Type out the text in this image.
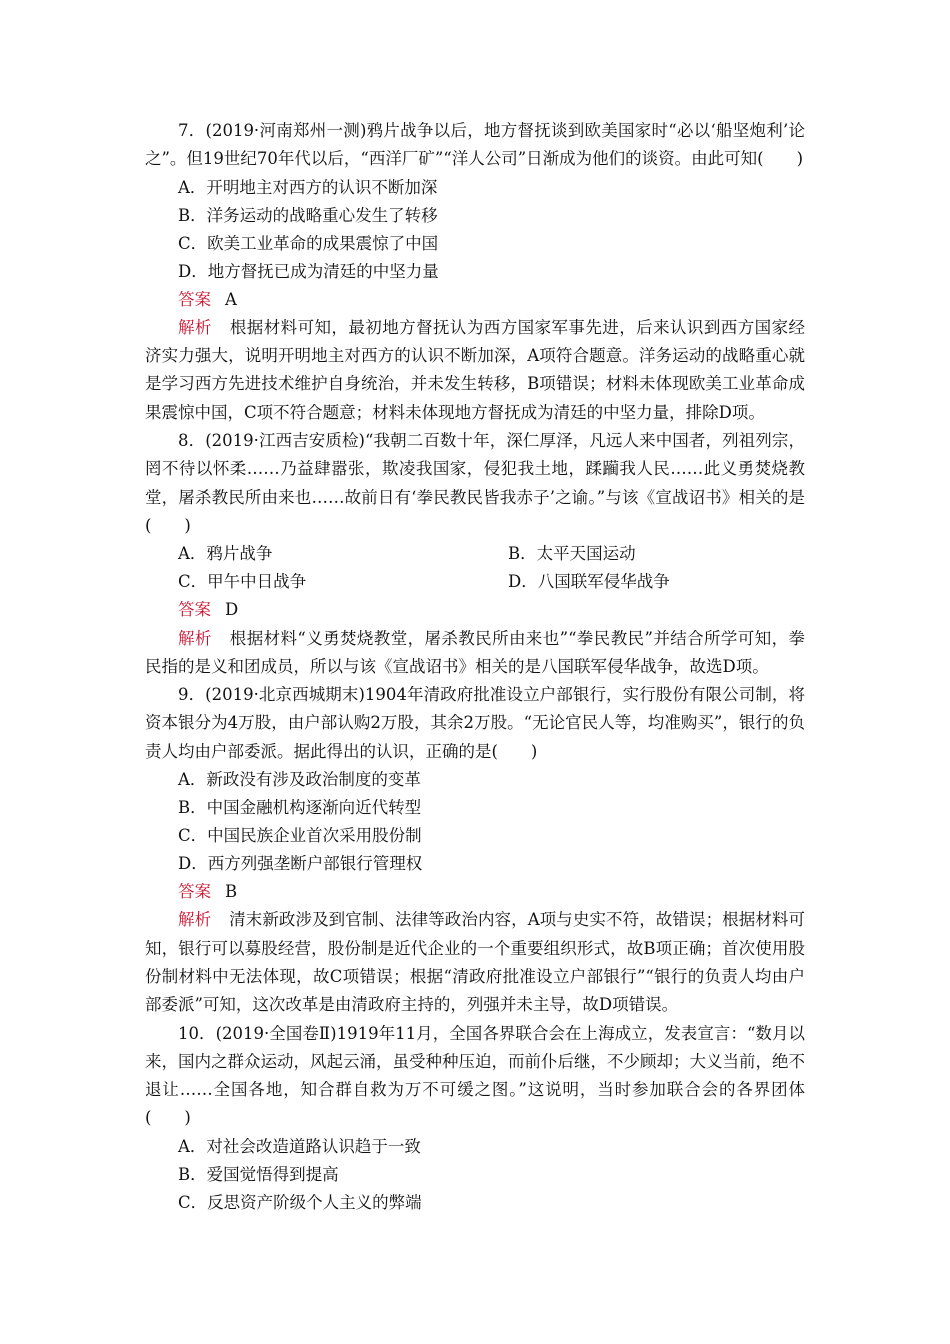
7．(2019·河南郑州一测)鸦片战争以后，地方督抚谈到欧美国家时“必以‘船坚炮利’论之”。但19世纪70年代以后，“西洋厂矿”“洋人公司”日渐成为他们的谈资。由此可知(　　)

A．开明地主对西方的认识不断加深

B．洋务运动的战略重心发生了转移

C．欧美工业革命的成果震惊了中国

D．地方督抚已成为清廷的中坚力量

答案 A

解析 根据材料可知，最初地方督抚认为西方国家军事先进，后来认识到西方国家经济实力强大，说明开明地主对西方的认识不断加深，A项符合题意。洋务运动的战略重心就是学习西方先进技术维护自身统治，并未发生转移，B项错误；材料未体现欧美工业革命成果震惊中国，C项不符合题意；材料未体现地方督抚成为清廷的中坚力量，排除D项。

8．(2019·江西吉安质检)“我朝二百数十年，深仁厚泽，凡远人来中国者，列祖列宗，罔不待以怀柔……乃益肆嚣张，欺凌我国家，侵犯我土地，蹂躏我人民……此义勇焚烧教堂，屠杀教民所由来也……故前日有‘拳民教民皆我赤子’之谕。”与该《宣战诏书》相关的是(　　)

A．鸦片战争	B．太平天国运动

C．甲午中日战争	D．八国联军侵华战争

答案 D

解析 根据材料“义勇焚烧教堂，屠杀教民所由来也”“拳民教民”并结合所学可知，拳民指的是义和团成员，所以与该《宣战诏书》相关的是八国联军侵华战争，故选D项。

9．(2019·北京西城期末)1904年清政府批准设立户部银行，实行股份有限公司制，将资本银分为4万股，由户部认购2万股，其余2万股。“无论官民人等，均准购买”，银行的负责人均由户部委派。据此得出的认识，正确的是(　　)

A．新政没有涉及政治制度的变革

B．中国金融机构逐渐向近代转型

C．中国民族企业首次采用股份制

D．西方列强垄断户部银行管理权

答案 B

解析 清末新政涉及到官制、法律等政治内容，A项与史实不符，故错误；根据材料可知，银行可以募股经营，股份制是近代企业的一个重要组织形式，故B项正确；首次使用股份制材料中无法体现，故C项错误；根据“清政府批准设立户部银行”“银行的负责人均由户部委派”可知，这次改革是由清政府主持的，列强并未主导，故D项错误。

10．(2019·全国卷Ⅱ)1919年11月，全国各界联合会在上海成立，发表宣言：“数月以来，国内之群众运动，风起云涌，虽受种种压迫，而前仆后继，不少顾却；大义当前，绝不退让……全国各地，知合群自救为万不可缓之图。”这说明，当时参加联合会的各界团体(　　)

A．对社会改造道路认识趋于一致

B．爱国觉悟得到提高

C．反思资产阶级个人主义的弊端
